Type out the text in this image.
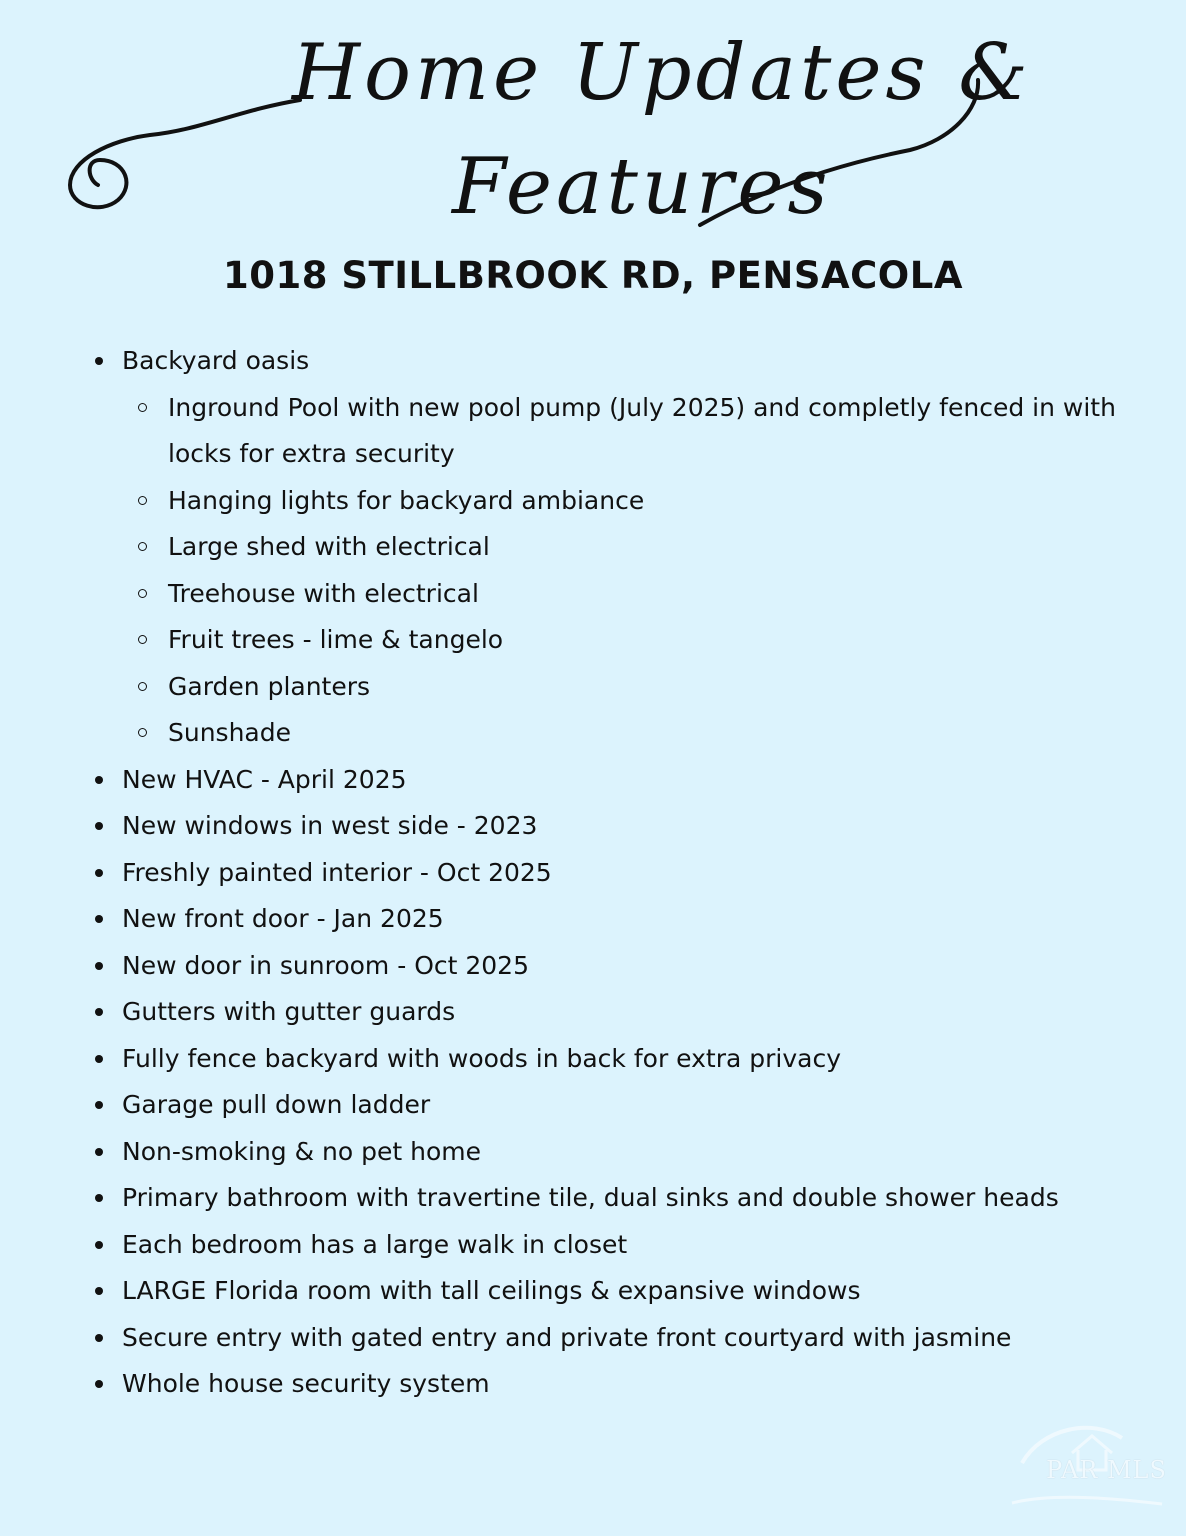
Home Updates &
Features
1018 STILLBROOK RD, PENSACOLA
Backyard oasis
Inground Pool with new pool pump (July 2025) and completly fenced in with locks for extra security
Hanging lights for backyard ambiance
Large shed with electrical
Treehouse with electrical
Fruit trees - lime & tangelo
Garden planters
Sunshade
New HVAC - April 2025
New windows in west side - 2023
Freshly painted interior - Oct 2025
New front door - Jan 2025
New door in sunroom - Oct 2025
Gutters with gutter guards
Fully fence backyard with woods in back for extra privacy
Garage pull down ladder
Non-smoking & no pet home
Primary bathroom with travertine tile, dual sinks and double shower heads
Each bedroom has a large walk in closet
LARGE Florida room with tall ceilings & expansive windows
Secure entry with gated entry and private front courtyard with jasmine
Whole house security system
PAR MLS
